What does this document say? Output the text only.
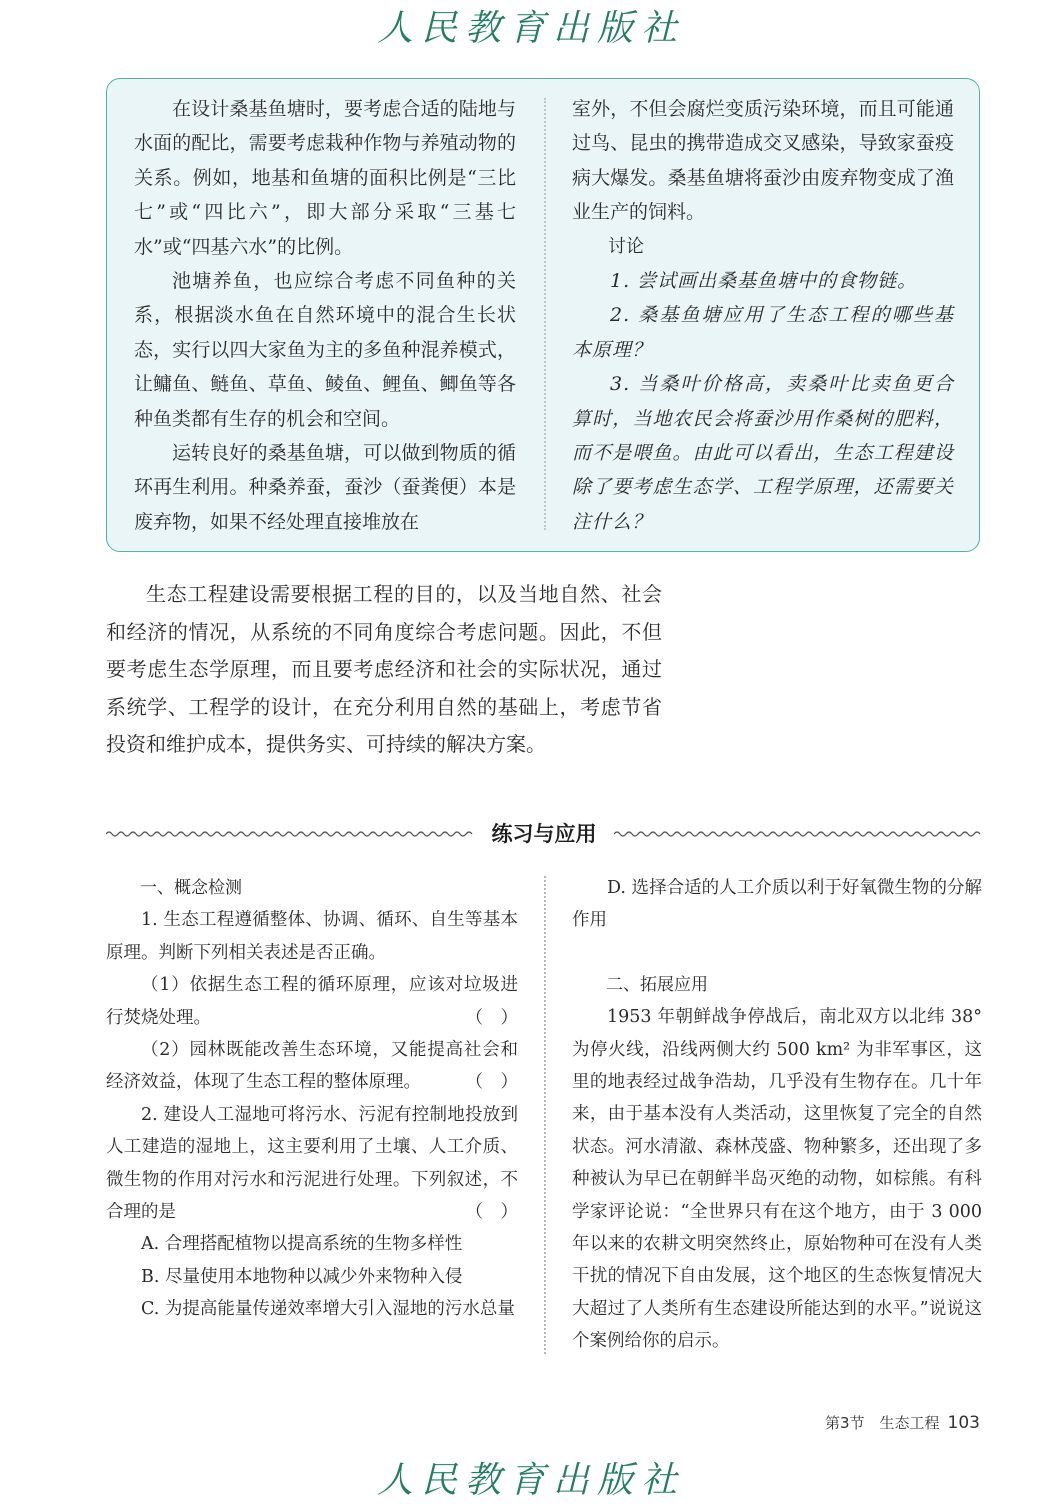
人民教育出版社

在设计桑基鱼塘时，要考虑合适的陆地与水面的配比，需要考虑栽种作物与养殖动物的关系。例如，地基和鱼塘的面积比例是“三比七”或“四比六”，即大部分采取“三基七水”或“四基六水”的比例。

池塘养鱼，也应综合考虑不同鱼种的关系，根据淡水鱼在自然环境中的混合生长状态，实行以四大家鱼为主的多鱼种混养模式，让鳙鱼、鲢鱼、草鱼、鲮鱼、鲤鱼、鲫鱼等各种鱼类都有生存的机会和空间。

运转良好的桑基鱼塘，可以做到物质的循环再生利用。种桑养蚕，蚕沙（蚕粪便）本是废弃物，如果不经处理直接堆放在

室外，不但会腐烂变质污染环境，而且可能通过鸟、昆虫的携带造成交叉感染，导致家蚕疫病大爆发。桑基鱼塘将蚕沙由废弃物变成了渔业生产的饲料。

讨论

1. 尝试画出桑基鱼塘中的食物链。

2. 桑基鱼塘应用了生态工程的哪些基本原理？

3. 当桑叶价格高，卖桑叶比卖鱼更合算时，当地农民会将蚕沙用作桑树的肥料，而不是喂鱼。由此可以看出，生态工程建设除了要考虑生态学、工程学原理，还需要关注什么？

生态工程建设需要根据工程的目的，以及当地自然、社会和经济的情况，从系统的不同角度综合考虑问题。因此，不但要考虑生态学原理，而且要考虑经济和社会的实际状况，通过系统学、工程学的设计，在充分利用自然的基础上，考虑节省投资和维护成本，提供务实、可持续的解决方案。

练习与应用

一、概念检测

1. 生态工程遵循整体、协调、循环、自生等基本原理。判断下列相关表述是否正确。

（1）依据生态工程的循环原理，应该对垃圾进行焚烧处理。	（　）

（2）园林既能改善生态环境，又能提高社会和经济效益，体现了生态工程的整体原理。	（　）

2. 建设人工湿地可将污水、污泥有控制地投放到人工建造的湿地上，这主要利用了土壤、人工介质、微生物的作用对污水和污泥进行处理。下列叙述，不合理的是	（　）

A. 合理搭配植物以提高系统的生物多样性

B. 尽量使用本地物种以减少外来物种入侵

C. 为提高能量传递效率增大引入湿地的污水总量

D. 选择合适的人工介质以利于好氧微生物的分解作用

二、拓展应用

1953 年朝鲜战争停战后，南北双方以北纬 38° 为停火线，沿线两侧大约 500 km² 为非军事区，这里的地表经过战争浩劫，几乎没有生物存在。几十年来，由于基本没有人类活动，这里恢复了完全的自然状态。河水清澈、森林茂盛、物种繁多，还出现了多种被认为早已在朝鲜半岛灭绝的动物，如棕熊。有科学家评论说：“全世界只有在这个地方，由于 3 000 年以来的农耕文明突然终止，原始物种可在没有人类干扰的情况下自由发展，这个地区的生态恢复情况大大超过了人类所有生态建设所能达到的水平。”说说这个案例给你的启示。

第3节　生态工程 103
人民教育出版社
